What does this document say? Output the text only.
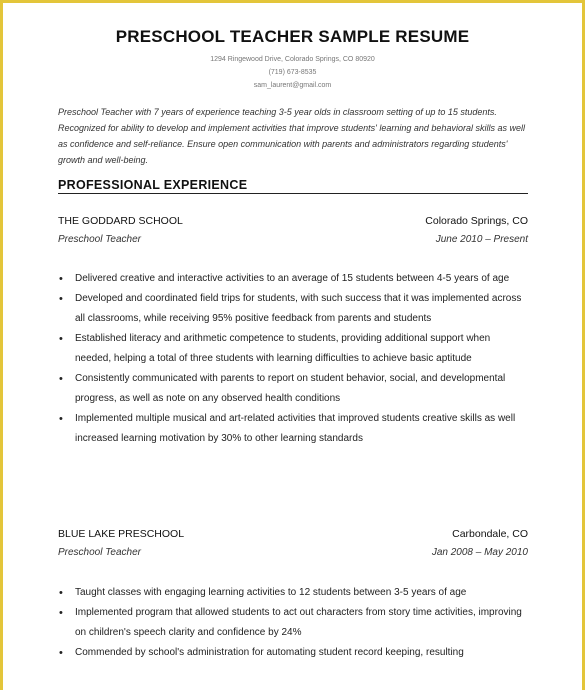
PRESCHOOL TEACHER SAMPLE RESUME
1294 Ringewood Drive, Colorado Springs, CO 80920
(719) 673-8535
sam_laurent@gmail.com
Preschool Teacher with 7 years of experience teaching 3-5 year olds in classroom setting of up to 15 students. Recognized for ability to develop and implement activities that improve students' learning and behavioral skills as well as confidence and self-reliance. Ensure open communication with parents and administrators regarding students' growth and well-being.
PROFESSIONAL EXPERIENCE
THE GODDARD SCHOOL	Colorado Springs, CO
Preschool Teacher	June 2010 – Present
• Delivered creative and interactive activities to an average of 15 students between 4-5 years of age
• Developed and coordinated field trips for students, with such success that it was implemented across all classrooms, while receiving 95% positive feedback from parents and students
• Established literacy and arithmetic competence to students, providing additional support when needed, helping a total of three students with learning difficulties to achieve basic aptitude
• Consistently communicated with parents to report on student behavior, social, and developmental progress, as well as note on any observed health conditions
• Implemented multiple musical and art-related activities that improved students creative skills as well increased learning motivation by 30% to other learning standards
BLUE LAKE PRESCHOOL	Carbondale, CO
Preschool Teacher	Jan 2008 – May 2010
• Taught classes with engaging learning activities to 12 students between 3-5 years of age
• Implemented program that allowed students to act out characters from story time activities, improving on children's speech clarity and confidence by 24%
• Commended by school's administration for automating student record keeping, resulting
